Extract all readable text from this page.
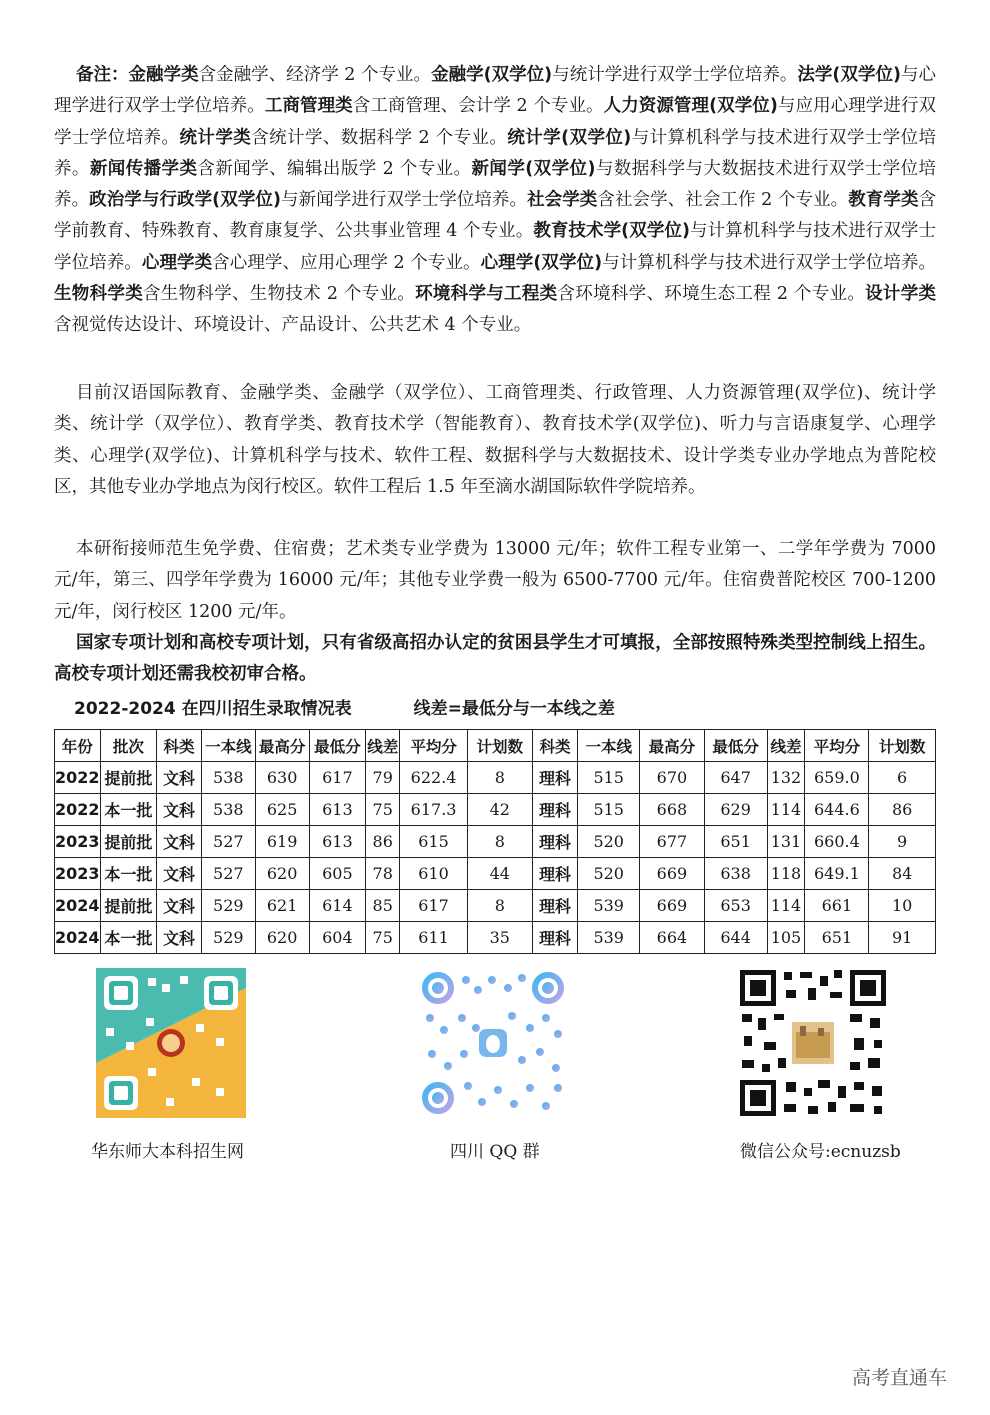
备注：金融学类含金融学、经济学 2 个专业。金融学(双学位)与统计学进行双学士学位培养。法学(双学位)与心理学进行双学士学位培养。工商管理类含工商管理、会计学 2 个专业。人力资源管理(双学位)与应用心理学进行双学士学位培养。统计学类含统计学、数据科学 2 个专业。统计学(双学位)与计算机科学与技术进行双学士学位培养。新闻传播学类含新闻学、编辑出版学 2 个专业。新闻学(双学位)与数据科学与大数据技术进行双学士学位培养。政治学与行政学(双学位)与新闻学进行双学士学位培养。社会学类含社会学、社会工作 2 个专业。教育学类含学前教育、特殊教育、教育康复学、公共事业管理 4 个专业。教育技术学(双学位)与计算机科学与技术进行双学士学位培养。心理学类含心理学、应用心理学 2 个专业。心理学(双学位)与计算机科学与技术进行双学士学位培养。生物科学类含生物科学、生物技术 2 个专业。环境科学与工程类含环境科学、环境生态工程 2 个专业。设计学类含视觉传达设计、环境设计、产品设计、公共艺术 4 个专业。

目前汉语国际教育、金融学类、金融学（双学位）、工商管理类、行政管理、人力资源管理(双学位)、统计学类、统计学（双学位）、教育学类、教育技术学（智能教育）、教育技术学(双学位)、听力与言语康复学、心理学类、心理学(双学位)、计算机科学与技术、软件工程、数据科学与大数据技术、设计学类专业办学地点为普陀校区，其他专业办学地点为闵行校区。软件工程后 1.5 年至滴水湖国际软件学院培养。

本研衔接师范生免学费、住宿费；艺术类专业学费为 13000 元/年；软件工程专业第一、二学年学费为 7000 元/年，第三、四学年学费为 16000 元/年；其他专业学费一般为 6500-7700 元/年。住宿费普陀校区 700-1200 元/年，闵行校区 1200 元/年。

国家专项计划和高校专项计划，只有省级高招办认定的贫困县学生才可填报，全部按照特殊类型控制线上招生。高校专项计划还需我校初审合格。

2022-2024 在四川招生录取情况表	线差=最低分与一本线之差
年份	批次	科类	一本线	最高分	最低分	线差	平均分	计划数	科类	一本线	最高分	最低分	线差	平均分	计划数
2022	提前批	文科	538	630	617	79	622.4	8	理科	515	670	647	132	659.0	6
2022	本一批	文科	538	625	613	75	617.3	42	理科	515	668	629	114	644.6	86
2023	提前批	文科	527	619	613	86	615	8	理科	520	677	651	131	660.4	9
2023	本一批	文科	527	620	605	78	610	44	理科	520	669	638	118	649.1	84
2024	提前批	文科	529	621	614	85	617	8	理科	539	669	653	114	661	10
2024	本一批	文科	529	620	604	75	611	35	理科	539	664	644	105	651	91
华东师大本科招生网	四川 QQ 群	微信公众号:ecnuzsb
高考直通车
